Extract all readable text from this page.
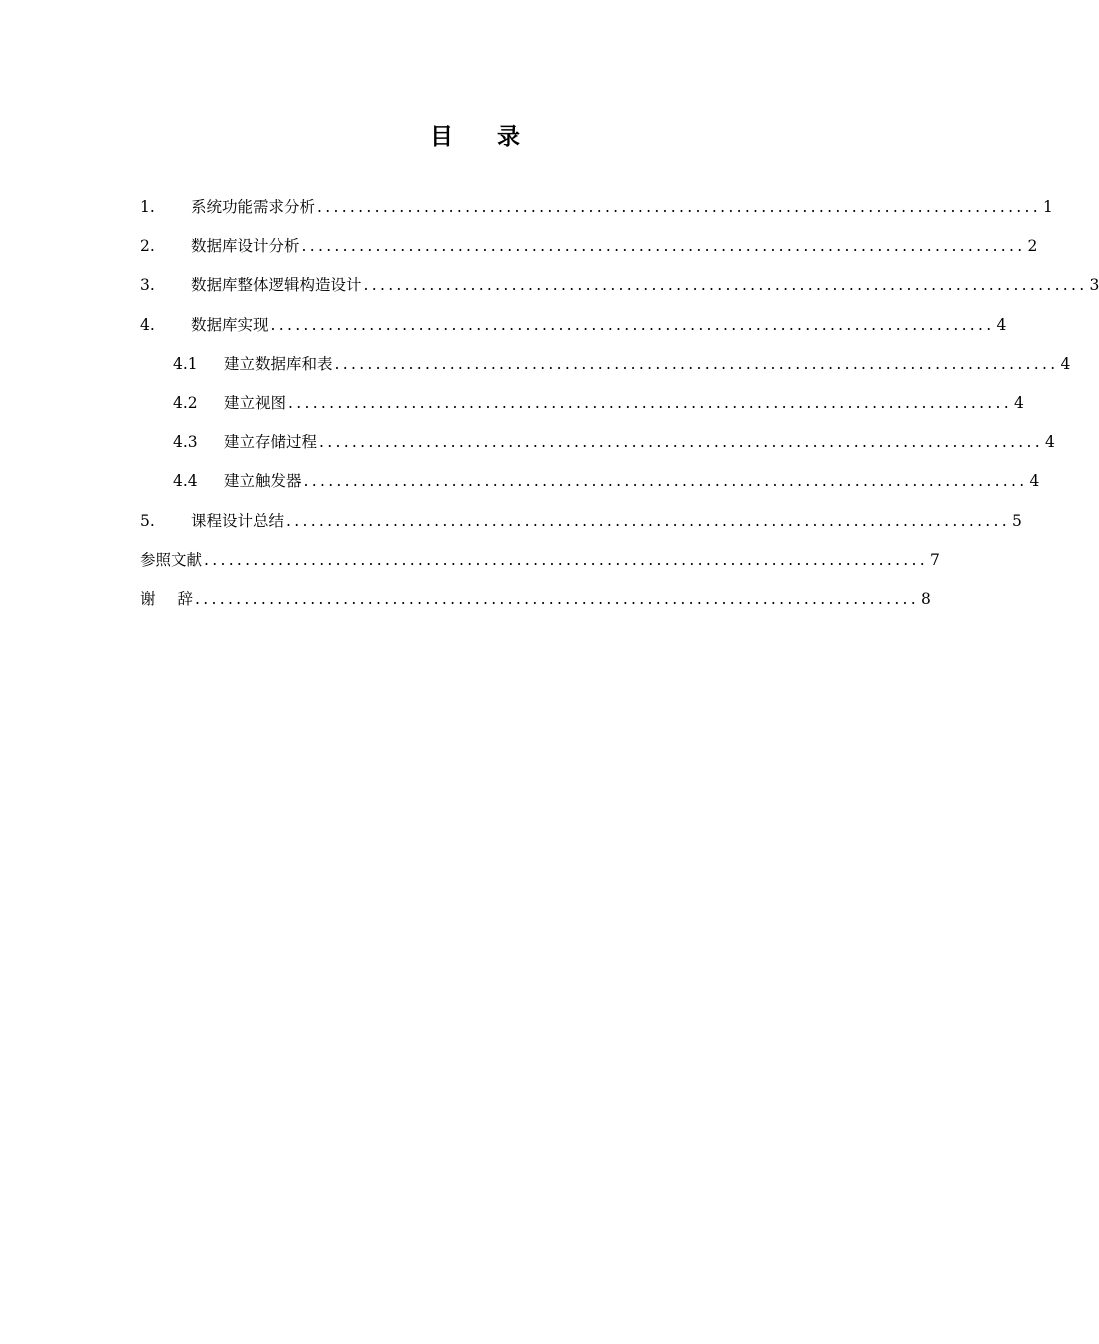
目 录
1.	系统功能需求分析 ........................................................................................ 1
2.	数据库设计分析 ........................................................................................ 2
3.	数据库整体逻辑构造设计 ........................................................................................ 3
4.	数据库实现 ........................................................................................ 4
4.1	建立数据库和表 ........................................................................................ 4
4.2	建立视图 ........................................................................................ 4
4.3	建立存储过程 ........................................................................................ 4
4.4	建立触发器 ........................................................................................ 4
5.	课程设计总结 ........................................................................................ 5
参照文献 ........................................................................................ 7
谢 辞 ........................................................................................ 8
